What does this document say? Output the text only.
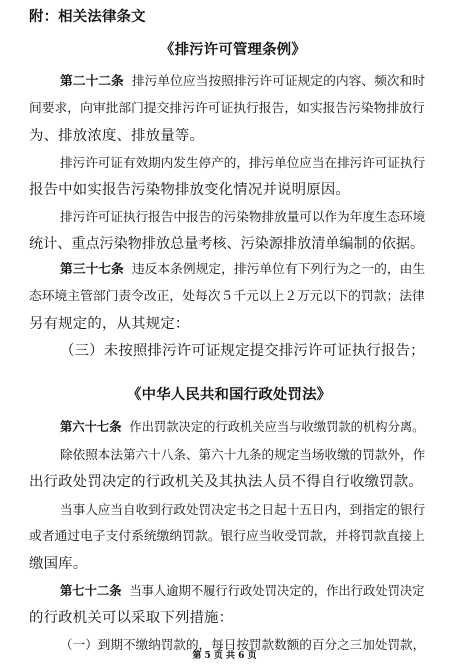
附：相关法律条文
《排污许可管理条例》
第二十二条 排污单位应当按照排污许可证规定的内容、频次和时
间要求，向审批部门提交排污许可证执行报告，如实报告污染物排放行
为、排放浓度、排放量等。
排污许可证有效期内发生停产的，排污单位应当在排污许可证执行
报告中如实报告污染物排放变化情况并说明原因。
排污许可证执行报告中报告的污染物排放量可以作为年度生态环境
统计、重点污染物排放总量考核、污染源排放清单编制的依据。
第三十七条 违反本条例规定，排污单位有下列行为之一的，由生
态环境主管部门责令改正，处每次５千元以上２万元以下的罚款；法律
另有规定的，从其规定：
（三）未按照排污许可证规定提交排污许可证执行报告；
《中华人民共和国行政处罚法》
第六十七条 作出罚款决定的行政机关应当与收缴罚款的机构分离。
除依照本法第六十八条、第六十九条的规定当场收缴的罚款外，作
出行政处罚决定的行政机关及其执法人员不得自行收缴罚款。
当事人应当自收到行政处罚决定书之日起十五日内，到指定的银行
或者通过电子支付系统缴纳罚款。银行应当收受罚款，并将罚款直接上
缴国库。
第七十二条 当事人逾期不履行行政处罚决定的，作出行政处罚决定
的行政机关可以采取下列措施：
（一）到期不缴纳罚款的，每日按罚款数额的百分之三加处罚款，
第 5 页 共 6 页
